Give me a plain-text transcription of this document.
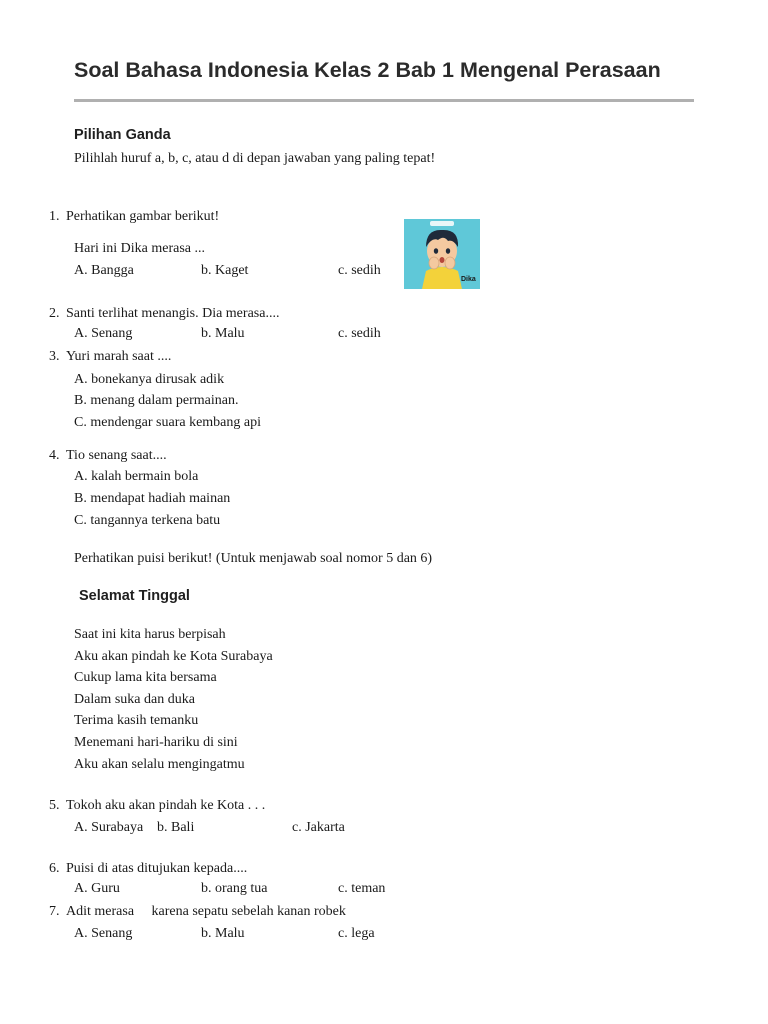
Soal Bahasa Indonesia Kelas 2 Bab 1 Mengenal Perasaan
Pilihan Ganda
Pilihlah huruf a, b, c, atau d di depan jawaban yang paling tepat!
1. Perhatikan gambar berikut!
Hari ini Dika merasa ...
A. Bangga	b. Kaget	c. sedih
Dika
2. Santi terlihat menangis. Dia merasa....
A. Senang	b. Malu	c. sedih
3. Yuri marah saat ....
A. bonekanya dirusak adik
B. menang dalam permainan.
C. mendengar suara kembang api
4. Tio senang saat....
A. kalah bermain bola
B. mendapat hadiah mainan
C. tangannya terkena batu
Perhatikan puisi berikut! (Untuk menjawab soal nomor 5 dan 6)
Selamat Tinggal
Saat ini kita harus berpisah
Aku akan pindah ke Kota Surabaya
Cukup lama kita bersama
Dalam suka dan duka
Terima kasih temanku
Menemani hari-hariku di sini
Aku akan selalu mengingatmu
5. Tokoh aku akan pindah ke Kota . . .
A. Surabaya b. Bali	c. Jakarta
6. Puisi di atas ditujukan kepada....
A. Guru	b. orang tua	c. teman
7. Adit merasa     karena sepatu sebelah kanan robek
A. Senang	b. Malu	c. lega
